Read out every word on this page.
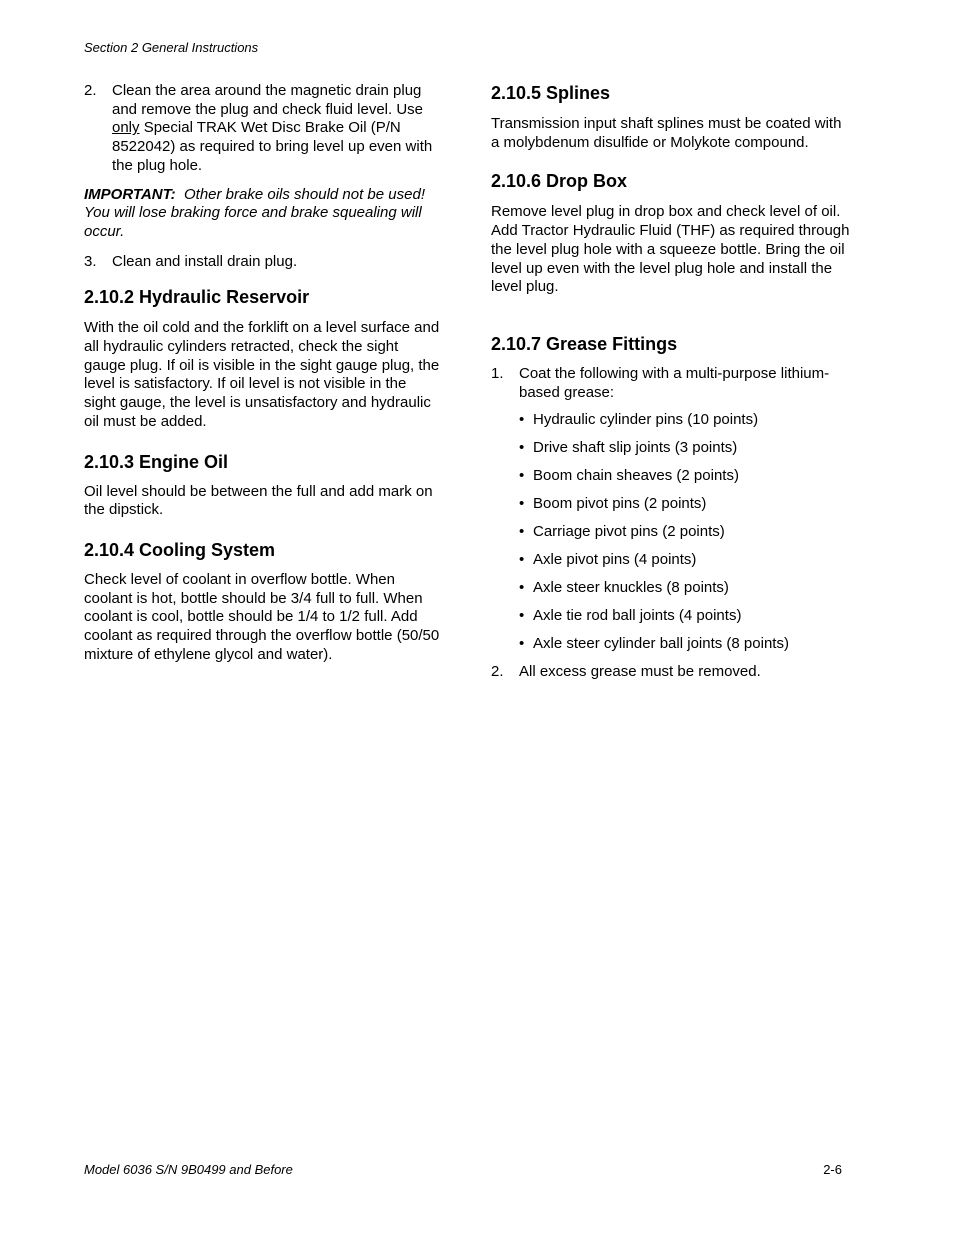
Section 2 General Instructions
2. Clean the area around the magnetic drain plug and remove the plug and check fluid level. Use only Special TRAK Wet Disc Brake Oil (P/N 8522042) as required to bring level up even with the plug hole.

IMPORTANT: Other brake oils should not be used! You will lose braking force and brake squealing will occur.

3. Clean and install drain plug.
2.10.2 Hydraulic Reservoir

With the oil cold and the forklift on a level surface and all hydraulic cylinders retracted, check the sight gauge plug. If oil is visible in the sight gauge plug, the level is satisfactory. If oil level is not visible in the sight gauge, the level is unsatisfactory and hydraulic oil must be added.

2.10.3 Engine Oil

Oil level should be between the full and add mark on the dipstick.

2.10.4 Cooling System

Check level of coolant in overflow bottle. When coolant is hot, bottle should be 3/4 full to full. When coolant is cool, bottle should be 1/4 to 1/2 full. Add coolant as required through the overflow bottle (50/50 mixture of ethylene glycol and water).

2.10.5 Splines

Transmission input shaft splines must be coated with a molybdenum disulfide or Molykote compound.

2.10.6 Drop Box

Remove level plug in drop box and check level of oil. Add Tractor Hydraulic Fluid (THF) as required through the level plug hole with a squeeze bottle. Bring the oil level up even with the level plug hole and install the level plug.

2.10.7 Grease Fittings
1. Coat the following with a multi-purpose lithium-based grease:
• Hydraulic cylinder pins (10 points)
• Drive shaft slip joints (3 points)
• Boom chain sheaves (2 points)
• Boom pivot pins (2 points)
• Carriage pivot pins (2 points)
• Axle pivot pins (4 points)
• Axle steer knuckles (8 points)
• Axle tie rod ball joints (4 points)
• Axle steer cylinder ball joints (8 points)
2. All excess grease must be removed.
Model 6036 S/N 9B0499 and Before	2-6
